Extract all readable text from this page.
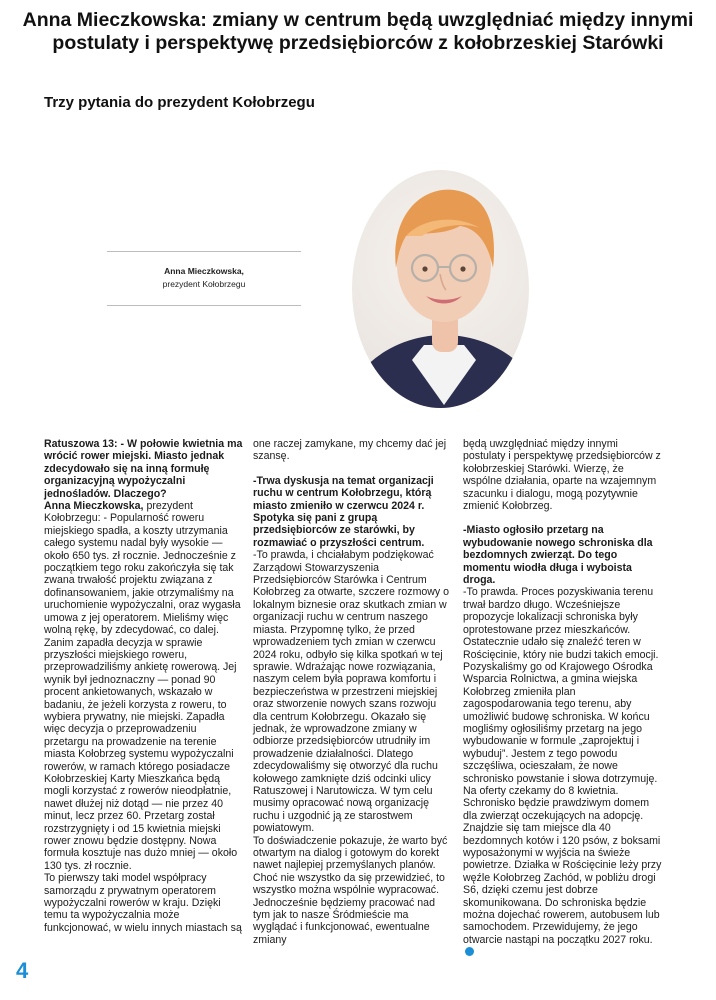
Anna Mieczkowska: zmiany w centrum będą uwzględniać między innymi postulaty i perspektywę przedsiębiorców z kołobrzeskiej Starówki
Trzy pytania do prezydent Kołobrzegu
Anna Mieczkowska,
prezydent Kołobrzegu

Ratuszowa 13: - W połowie kwietnia ma wrócić rower miejski. Miasto jednak zdecydowało się na inną formułę organizacyjną wypożyczalni jednośladów. Dlaczego?

Anna Mieczkowska, prezydent Kołobrzegu: - Popularność roweru miejskiego spadła, a koszty utrzymania całego systemu nadal były wysokie — około 650 tys. zł rocznie. Jednocześnie z początkiem tego roku zakończyła się tak zwana trwałość projektu związana z dofinansowaniem, jakie otrzymaliśmy na uruchomienie wypożyczalni, oraz wygasła umowa z jej operatorem. Mieliśmy więc wolną rękę, by zdecydować, co dalej. Zanim zapadła decyzja w sprawie przyszłości miejskiego roweru, przeprowadziliśmy ankietę rowerową. Jej wynik był jednoznaczny — ponad 90 procent ankietowanych, wskazało w badaniu, że jeżeli korzysta z roweru, to wybiera prywatny, nie miejski. Zapadła więc decyzja o przeprowadzeniu przetargu na prowadzenie na terenie miasta Kołobrzeg systemu wypożyczalni rowerów, w ramach którego posiadacze Kołobrzeskiej Karty Mieszkańca będą mogli korzystać z rowerów nieodpłatnie, nawet dłużej niż dotąd — nie przez 40 minut, lecz przez 60. Przetarg został rozstrzygnięty i od 15 kwietnia miejski rower znowu będzie dostępny. Nowa formuła kosztuje nas dużo mniej — około 130 tys. zł rocznie.

To pierwszy taki model współpracy samorządu z prywatnym operatorem wypożyczalni rowerów w kraju. Dzięki temu ta wypożyczalnia może funkcjonować, w wielu innych miastach są

one raczej zamykane, my chcemy dać jej szansę.

-Trwa dyskusja na temat organizacji ruchu w centrum Kołobrzegu, którą miasto zmieniło w czerwcu 2024 r. Spotyka się pani z grupą przedsiębiorców ze starówki, by rozmawiać o przyszłości centrum.

-To prawda, i chciałabym podziękować Zarządowi Stowarzyszenia Przedsiębiorców Starówka i Centrum Kołobrzeg za otwarte, szczere rozmowy o lokalnym biznesie oraz skutkach zmian w organizacji ruchu w centrum naszego miasta. Przypomnę tylko, że przed wprowadzeniem tych zmian w czerwcu 2024 roku, odbyło się kilka spotkań w tej sprawie. Wdrażając nowe rozwiązania, naszym celem była poprawa komfortu i bezpieczeństwa w przestrzeni miejskiej oraz stworzenie nowych szans rozwoju dla centrum Kołobrzegu. Okazało się jednak, że wprowadzone zmiany w odbiorze przedsiębiorców utrudniły im prowadzenie działalności. Dlatego zdecydowaliśmy się otworzyć dla ruchu kołowego zamknięte dziś odcinki ulicy Ratuszowej i Narutowicza. W tym celu musimy opracować nową organizację ruchu i uzgodnić ją ze starostwem powiatowym.

To doświadczenie pokazuje, że warto być otwartym na dialog i gotowym do korekt nawet najlepiej przemyślanych planów. Choć nie wszystko da się przewidzieć, to wszystko można wspólnie wypracować. Jednocześnie będziemy pracować nad tym jak to nasze Śródmieście ma wyglądać i funkcjonować, ewentualne zmiany

będą uwzględniać między innymi postulaty i perspektywę przedsiębiorców z kołobrzeskiej Starówki. Wierzę, że wspólne działania, oparte na wzajemnym szacunku i dialogu, mogą pozytywnie zmienić Kołobrzeg.

-Miasto ogłosiło przetarg na wybudowanie nowego schroniska dla bezdomnych zwierząt. Do tego momentu wiodła długa i wyboista droga.

-To prawda. Proces pozyskiwania terenu trwał bardzo długo. Wcześniejsze propozycje lokalizacji schroniska były oprotestowane przez mieszkańców. Ostatecznie udało się znaleźć teren w Rościęcinie, który nie budzi takich emocji. Pozyskaliśmy go od Krajowego Ośrodka Wsparcia Rolnictwa, a gmina wiejska Kołobrzeg zmieniła plan zagospodarowania tego terenu, aby umożliwić budowę schroniska. W końcu mogliśmy ogłosiliśmy przetarg na jego wybudowanie w formule „zaprojektuj i wybuduj”. Jestem z tego powodu szczęśliwa, ocieszałam, że nowe schronisko powstanie i słowa dotrzymuję. Na oferty czekamy do 8 kwietnia. Schronisko będzie prawdziwym domem dla zwierząt oczekujących na adopcję. Znajdzie się tam miejsce dla 40 bezdomnych kotów i 120 psów, z boksami wyposażonymi w wyjścia na świeże powietrze. Działka w Rościęcinie leży przy węźle Kołobrzeg Zachód, w pobliżu drogi S6, dzięki czemu jest dobrze skomunikowana. Do schroniska będzie można dojechać rowerem, autobusem lub samochodem. Przewidujemy, że jego otwarcie nastąpi na początku 2027 roku.

4
